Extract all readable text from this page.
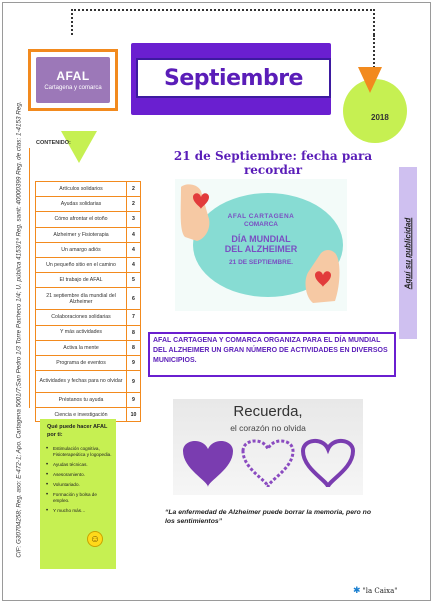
CIF: G30704258; Reg. aso: E-472-1; Apo. Cartagena 5001/7;San Pedro 1/3 Torre Pacheco 1/4; U. pública 4153/1ª Reg. sanit: 40000399 Reg. de ctas: 1-4153 Reg.
AFAL
Cartagena y comarca	Septiembre
2018
CONTENIDO:
Artículos solidarios	2
Ayudas solidarias	2
Cómo afrontar el otoño	3
Alzheimer y Fisioterapia	4
Un amargo adiós	4
Un pequeño sitio en el camino	4
El trabajo de AFAL	5
21 septiembre día mundial del Alzheimer	6
Colaboraciones solidarias	7
Y más actividades	8
Activa la mente	8
Programa de eventos	9
Actividades y fechas para no olvidar	9
Préstanos tu ayuda	9
Ciencia e investigación	10
Qué puede hacer AFAL por ti:
• Estimulación cognitiva, Fisioterapeútica y logopedia.
• Ayudas técnicas.
• Asesoramiento.
• Voluntariado.
• Formación y bolsa de empleo.
• Y mucho más…
☺
21 de Septiembre: fecha para recordar
AFAL CARTAGENA
COMARCA
DÍA MUNDIAL
DEL ALZHEIMER
21 DE SEPTIEMBRE.	Aquí su publicidad
AFAL CARTAGENA Y COMARCA ORGANIZA PARA EL DÍA MUNDIAL DEL ALZHEIMER UN GRAN NÚMERO DE ACTIVIDADES EN DIVERSOS MUNICIPIOS.
Recuerda,
el corazón no olvida
“La enfermedad de Alzheimer puede borrar la memoria, pero no los sentimientos”
✱ "la Caixa"
